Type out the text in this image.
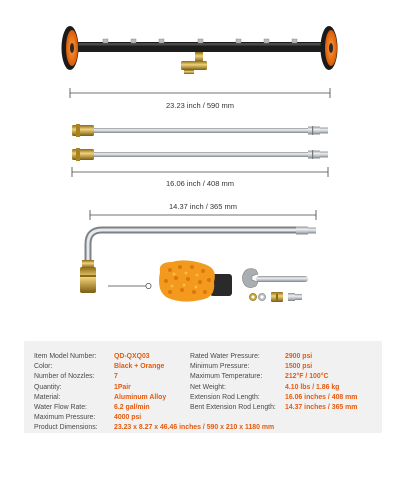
23.23 inch / 590 mm
16.06 inch / 408 mm
14.37 inch / 365 mm
Item Model Number:	QD-QXQ03
Color:	Black + Orange
Number of Nozzles:	7
Quantity:	1Pair
Material:	Aluminum Alloy
Water Flow Rate:	6.2 gal/min
Maximum Pressure:	4000 psi
Product Dimensions: 23.23 x 8.27 x 46.46 inches / 590 x 210 x 1180 mm
Rated Water Pressure:	2900 psi
Minimum Pressure:	1500 psi
Maximum Temperature:	212°F / 100°C
Net Weight:	4.10 lbs / 1.86 kg
Extension Rod Length:	16.06 inches / 408 mm
Bent Extension Rod Length: 14.37 inches / 365 mm
